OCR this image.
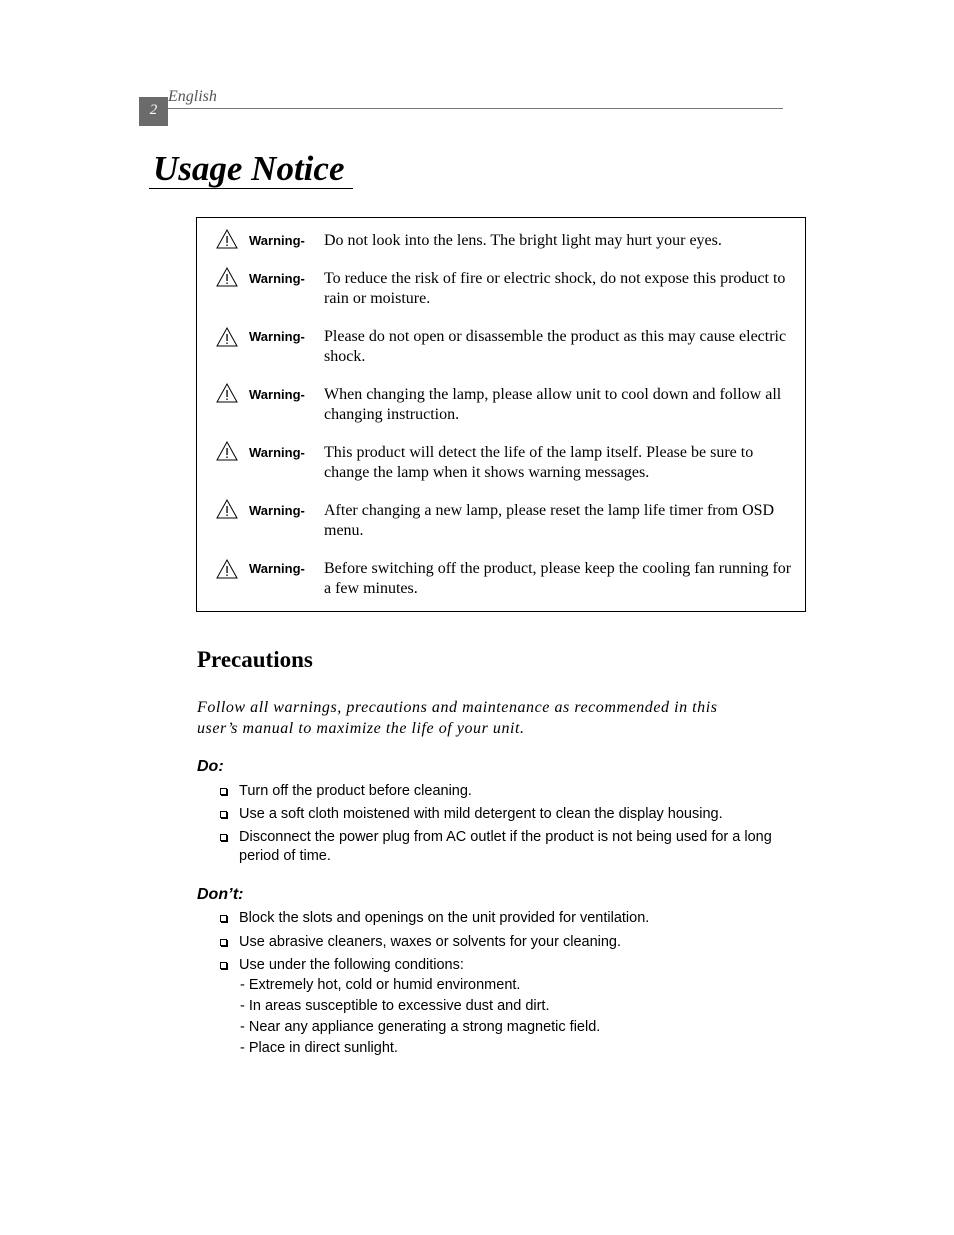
2
English
Usage Notice
Warning- Do not look into the lens. The bright light may hurt your eyes.
Warning- To reduce the risk of fire or electric shock, do not expose this product to rain or moisture.
Warning- Please do not open or disassemble the product as this may cause electric shock.
Warning- When changing the lamp, please allow unit to cool down and follow all changing instruction.
Warning- This product will detect the life of the lamp itself. Please be sure to change the lamp when it shows warning messages.
Warning- After changing a new lamp, please reset the lamp life timer from OSD menu.
Warning- Before switching off the product, please keep the cooling fan running for a few minutes.
Precautions
Follow all warnings, precautions and maintenance as recommended in this user’s manual to maximize the life of your unit.
Do:
Turn off the product before cleaning.
Use a soft cloth moistened with mild detergent to clean the display housing.
Disconnect the power plug from AC outlet if the product is not being used for a long period of time.
Don’t:
Block the slots and openings on the unit provided for ventilation.
Use abrasive cleaners, waxes or solvents for your cleaning.
Use under the following conditions:
- Extremely hot, cold or humid environment.
- In areas susceptible to excessive dust and dirt.
- Near any appliance generating a strong magnetic field.
- Place in direct sunlight.
